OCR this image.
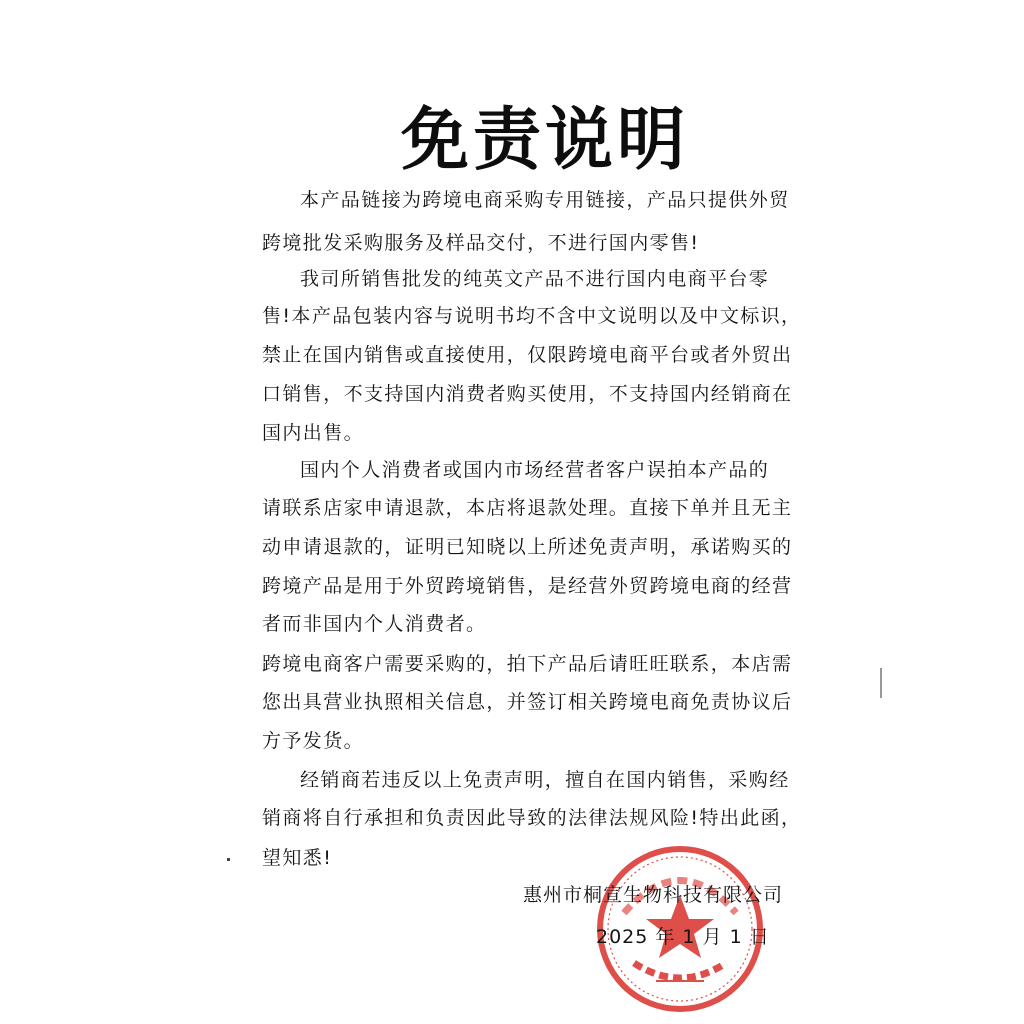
免责说明
本产品链接为跨境电商采购专用链接，产品只提供外贸
跨境批发采购服务及样品交付，不进行国内零售!
我司所销售批发的纯英文产品不进行国内电商平台零
售!本产品包装内容与说明书均不含中文说明以及中文标识，
禁止在国内销售或直接使用，仅限跨境电商平台或者外贸出
口销售，不支持国内消费者购买使用，不支持国内经销商在
国内出售。
国内个人消费者或国内市场经营者客户误拍本产品的
请联系店家申请退款，本店将退款处理。直接下单并且无主
动申请退款的，证明已知晓以上所述免责声明，承诺购买的
跨境产品是用于外贸跨境销售，是经营外贸跨境电商的经营
者而非国内个人消费者。
跨境电商客户需要采购的，拍下产品后请旺旺联系，本店需
您出具营业执照相关信息，并签订相关跨境电商免责协议后
方予发货。
经销商若违反以上免责声明，擅自在国内销售，采购经
销商将自行承担和负责因此导致的法律法规风险!特出此函，
望知悉!
惠州市桐宣生物科技有限公司
2025 年 1 月 1 日
